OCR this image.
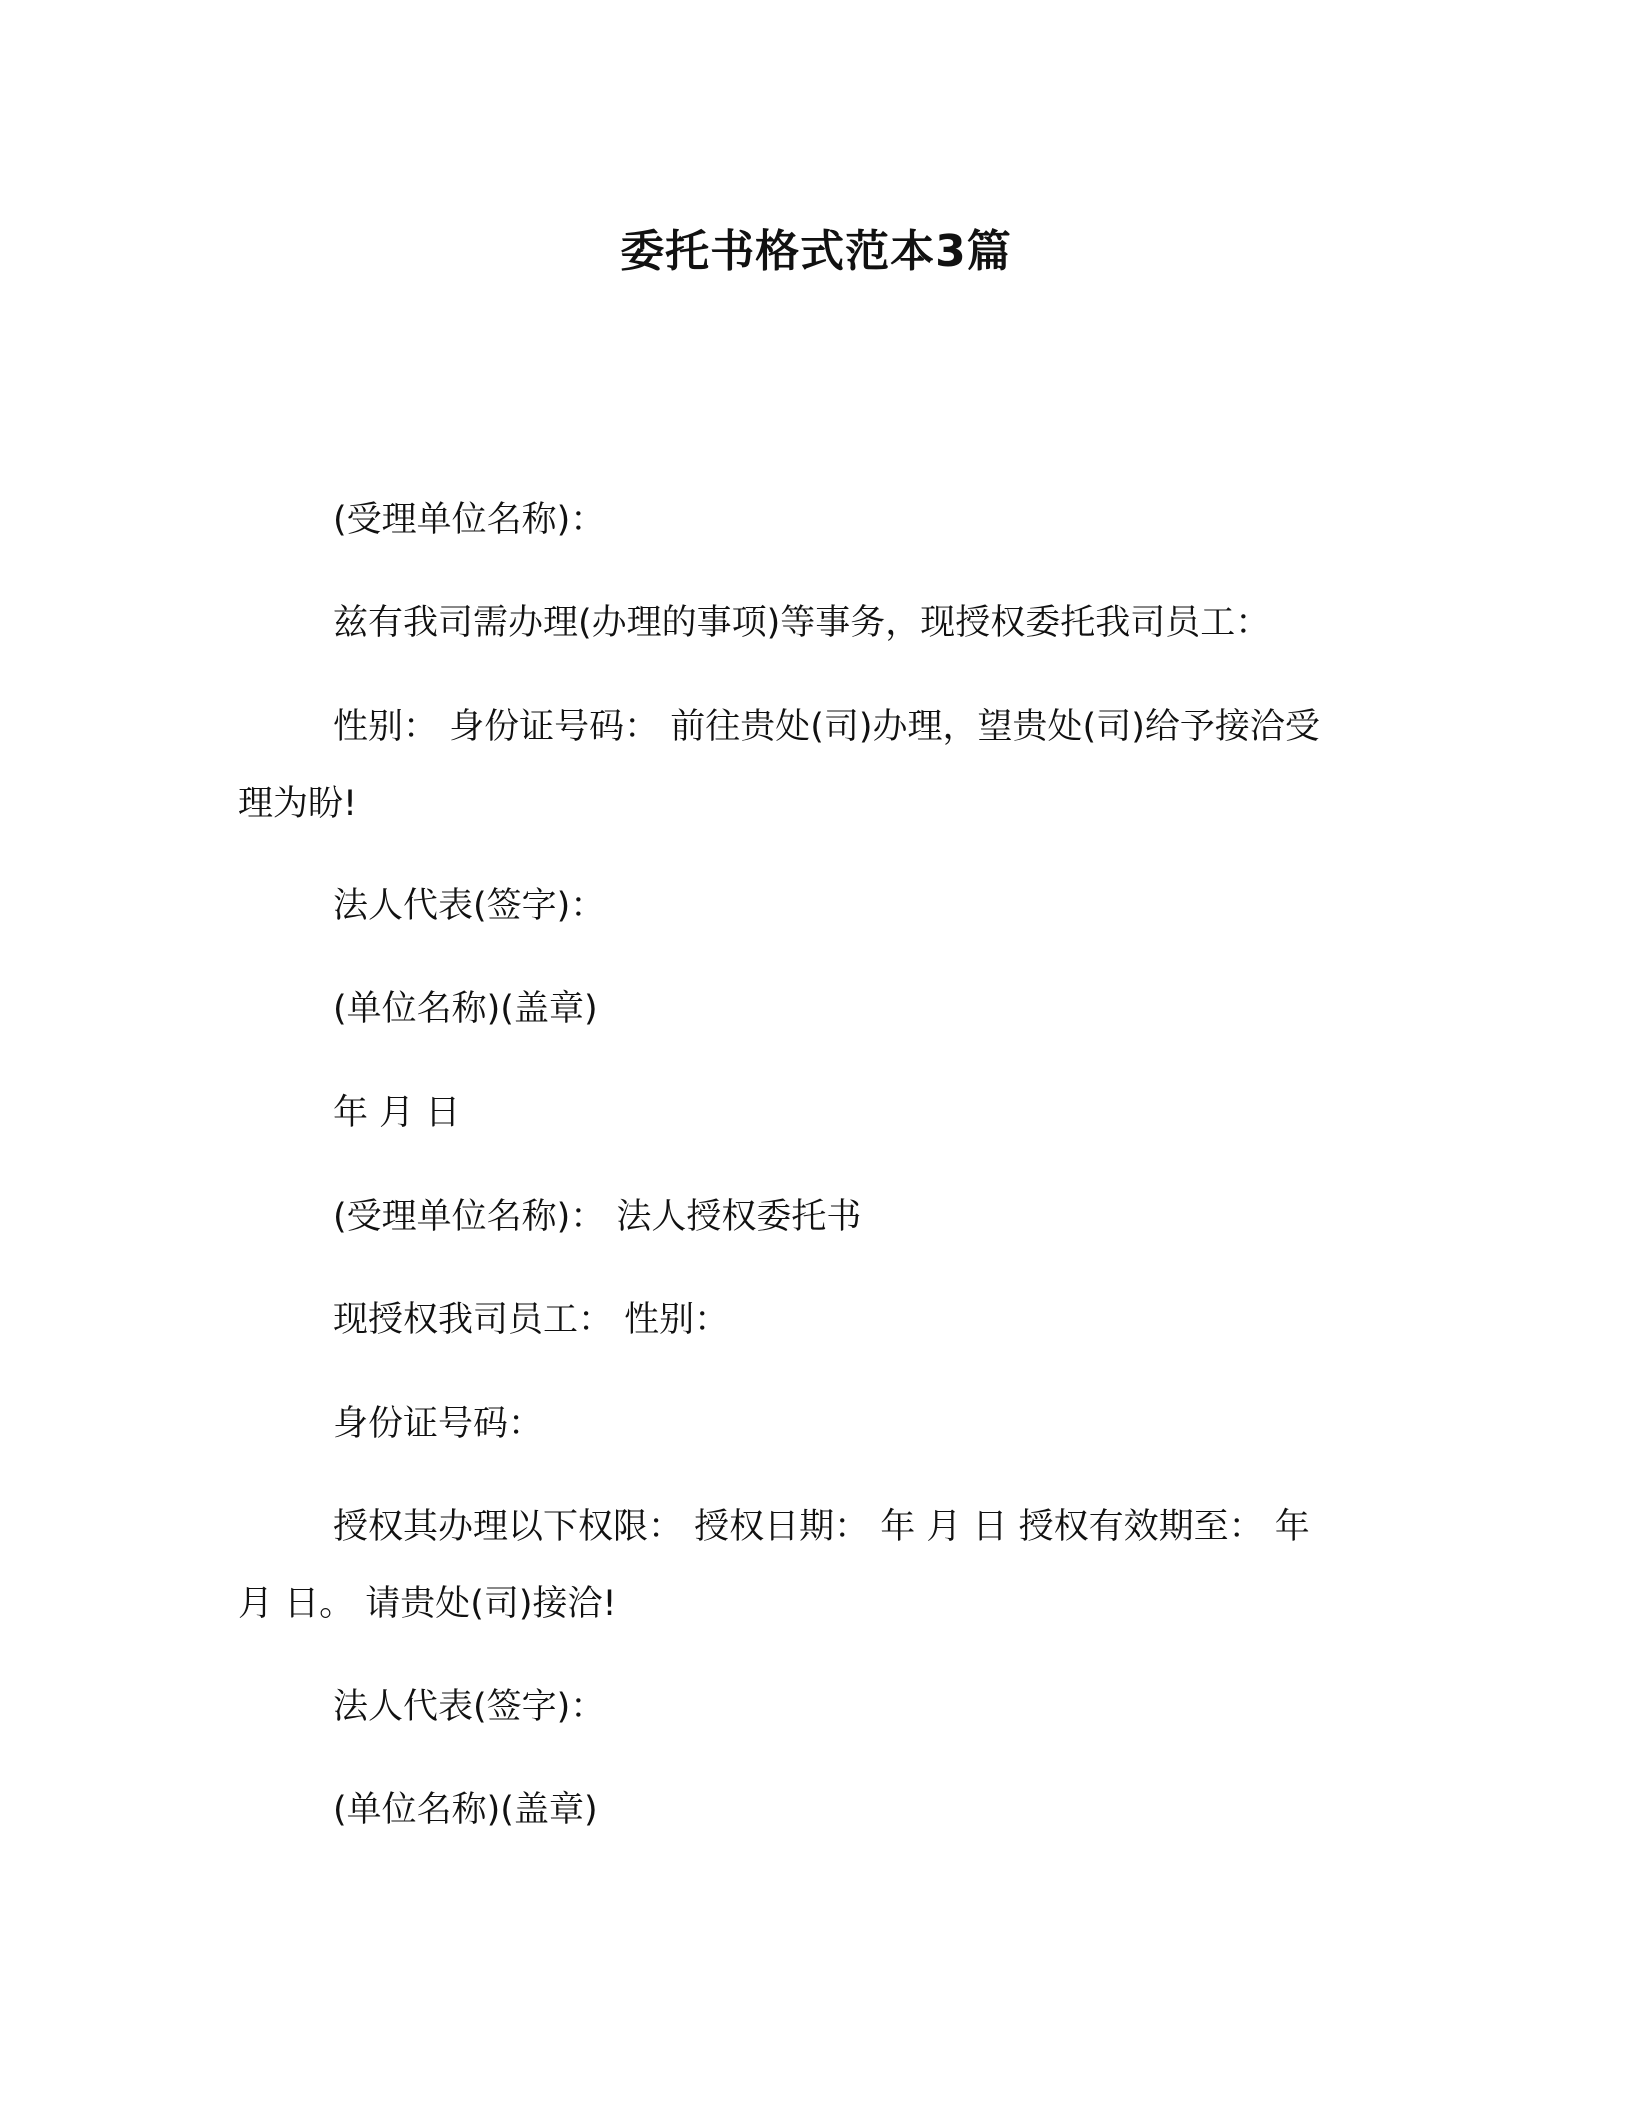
委托书格式范本3篇

(受理单位名称)：

兹有我司需办理(办理的事项)等事务，现授权委托我司员工：

性别： 身份证号码： 前往贵处(司)办理，望贵处(司)给予接洽受

理为盼!

法人代表(签字)：

(单位名称)(盖章)

年 月 日

(受理单位名称)： 法人授权委托书

现授权我司员工： 性别：

身份证号码：

授权其办理以下权限： 授权日期： 年 月 日 授权有效期至： 年

月 日。 请贵处(司)接洽!

法人代表(签字)：

(单位名称)(盖章)
